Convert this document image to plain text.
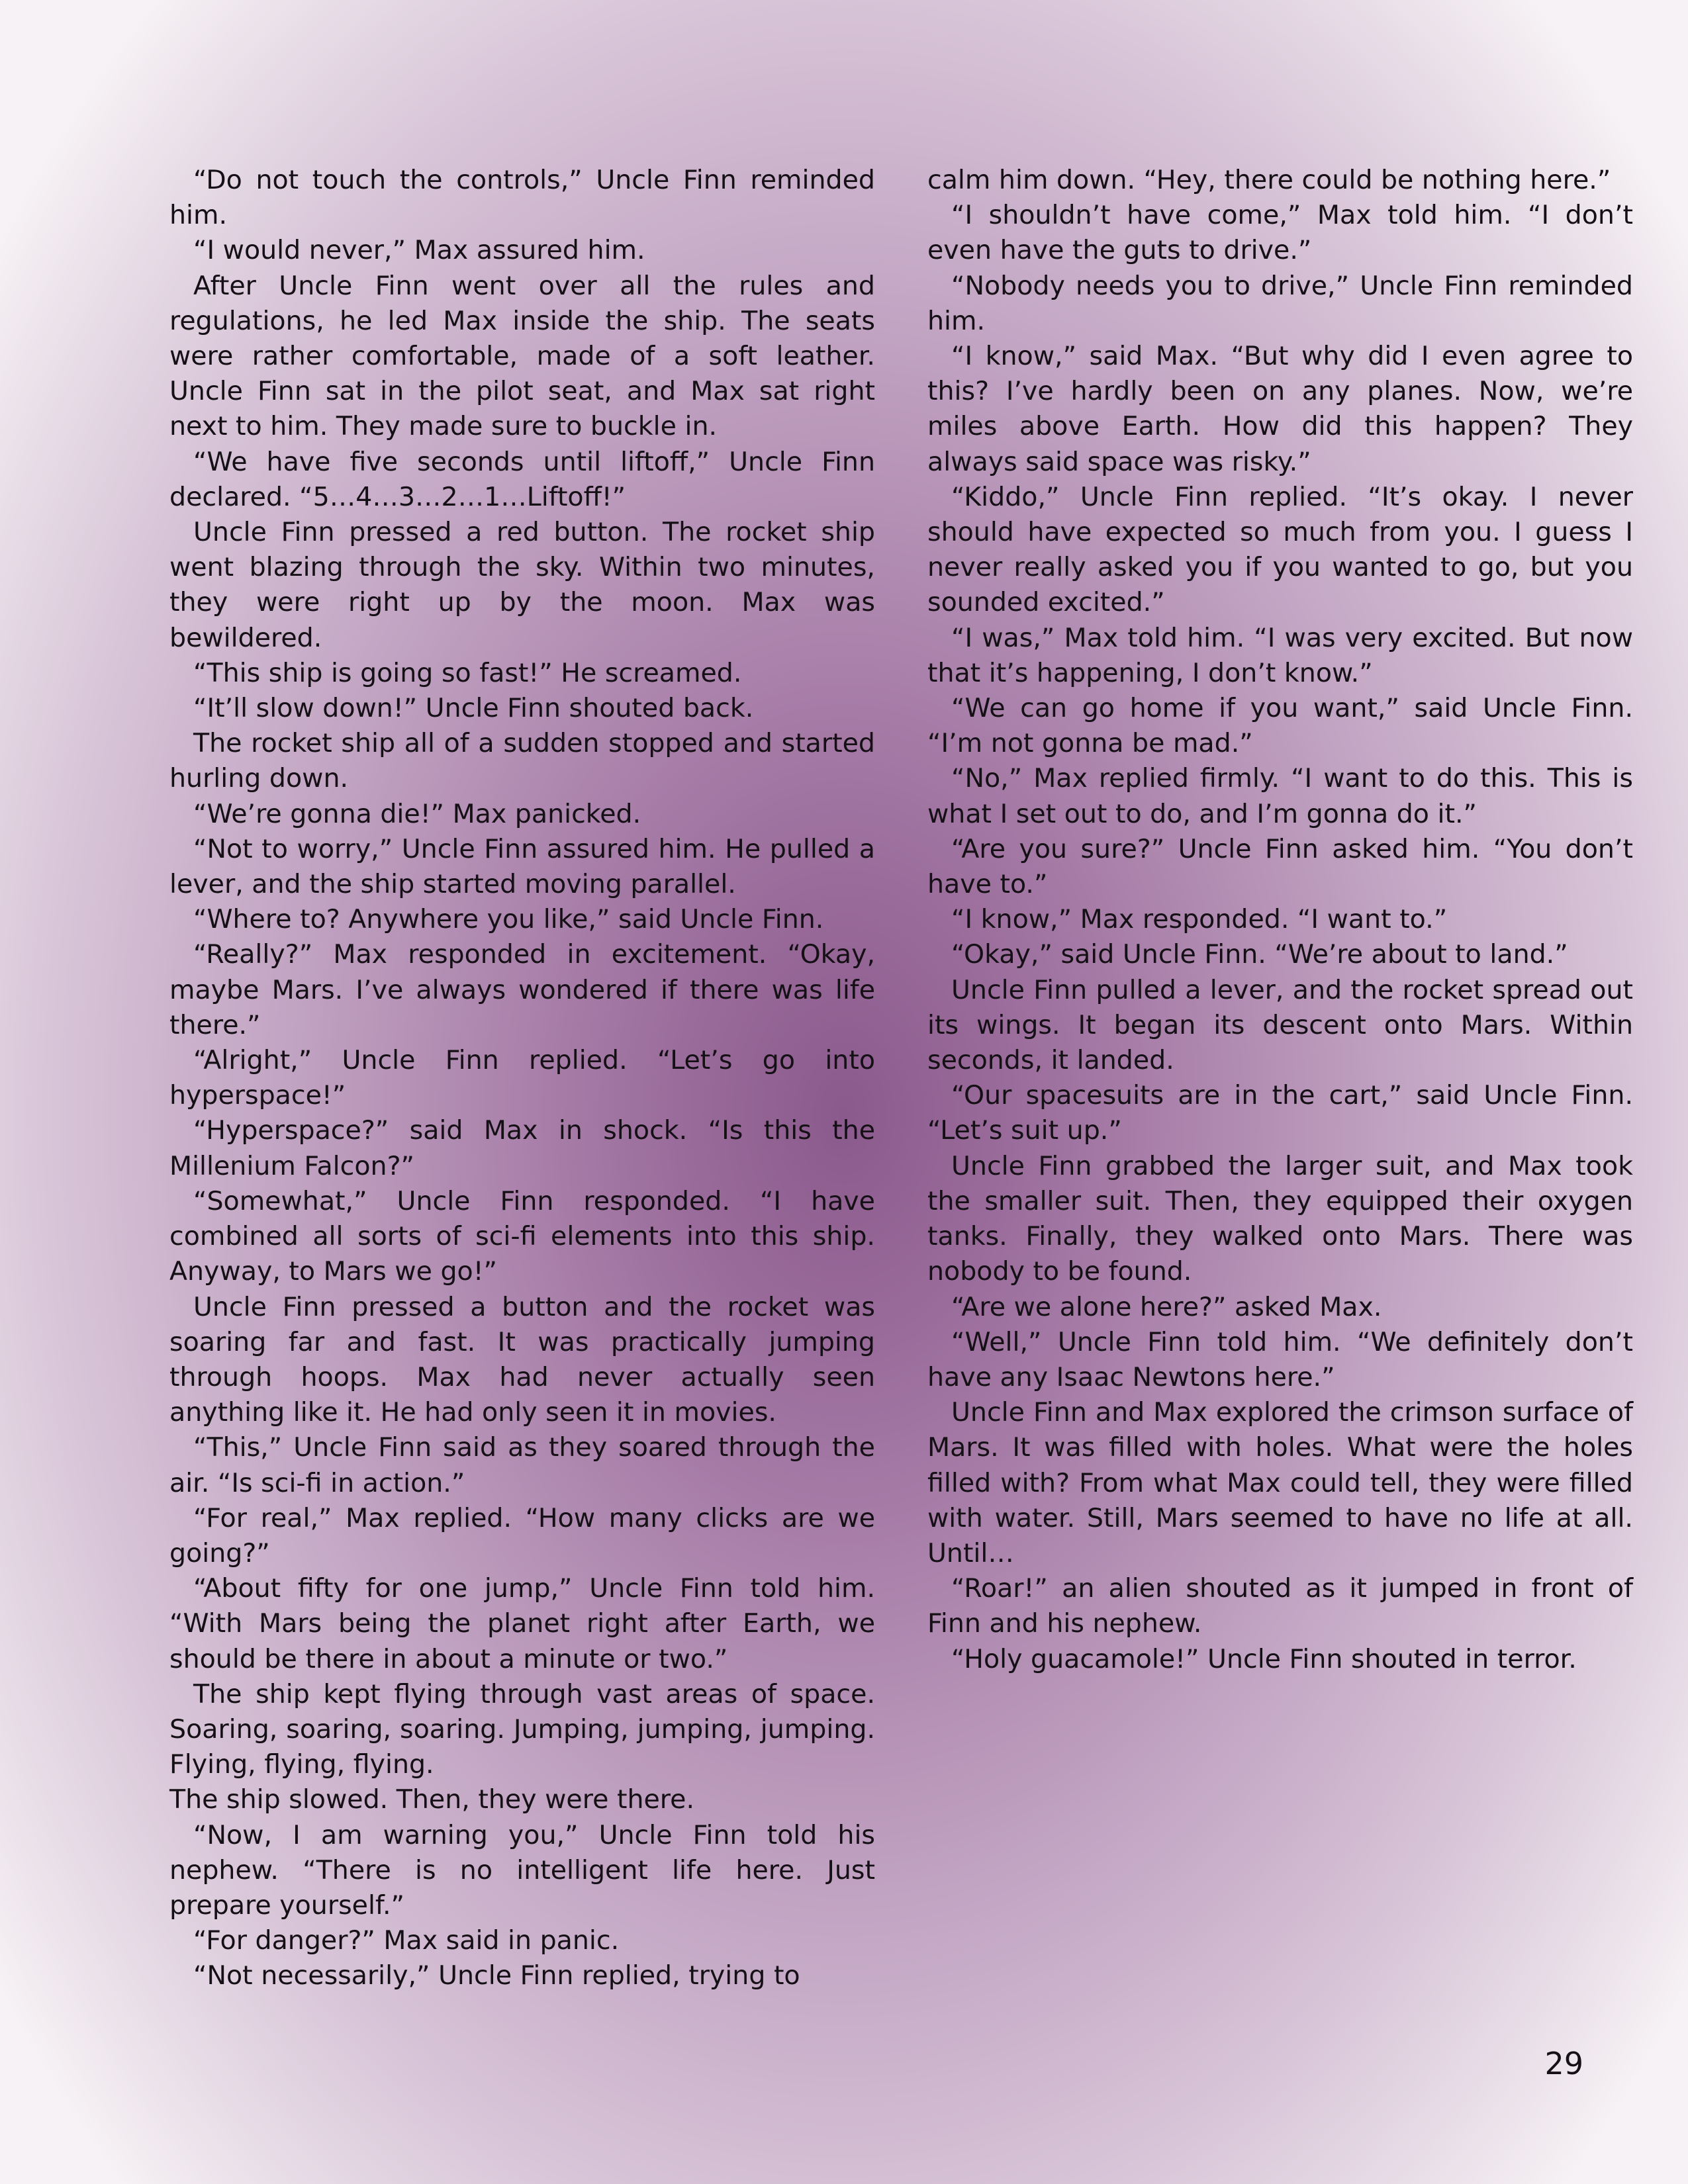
“Do not touch the controls,” Uncle Finn reminded him.

“I would never,” Max assured him.

After Uncle Finn went over all the rules and regulations, he led Max inside the ship. The seats were rather comfortable, made of a soft leather. Uncle Finn sat in the pilot seat, and Max sat right next to him. They made sure to buckle in.

“We have five seconds until liftoff,” Uncle Finn declared. “5…4…3…2…1…Liftoff!”

Uncle Finn pressed a red button. The rocket ship went blazing through the sky. Within two minutes, they were right up by the moon. Max was bewildered.

“This ship is going so fast!” He screamed.

“It’ll slow down!” Uncle Finn shouted back.

The rocket ship all of a sudden stopped and started hurling down.

“We’re gonna die!” Max panicked.

“Not to worry,” Uncle Finn assured him. He pulled a lever, and the ship started moving parallel.

“Where to? Anywhere you like,” said Uncle Finn.

“Really?” Max responded in excitement. “Okay, maybe Mars. I’ve always wondered if there was life there.”

“Alright,” Uncle Finn replied. “Let’s go into hyperspace!”

“Hyperspace?” said Max in shock. “Is this the Millenium Falcon?”

“Somewhat,” Uncle Finn responded. “I have combined all sorts of sci-fi elements into this ship. Anyway, to Mars we go!”

Uncle Finn pressed a button and the rocket was soaring far and fast. It was practically jumping through hoops. Max had never actually seen anything like it. He had only seen it in movies.

“This,” Uncle Finn said as they soared through the air. “Is sci-fi in action.”

“For real,” Max replied. “How many clicks are we going?”

“About fifty for one jump,” Uncle Finn told him. “With Mars being the planet right after Earth, we should be there in about a minute or two.”

The ship kept flying through vast areas of space. Soaring, soaring, soaring. Jumping, jumping, jumping. Flying, flying, flying.

The ship slowed. Then, they were there.

“Now, I am warning you,” Uncle Finn told his nephew. “There is no intelligent life here. Just prepare yourself.”

“For danger?” Max said in panic.

“Not necessarily,” Uncle Finn replied, trying to

calm him down. “Hey, there could be nothing here.”

“I shouldn’t have come,” Max told him. “I don’t even have the guts to drive.”

“Nobody needs you to drive,” Uncle Finn reminded him.

“I know,” said Max. “But why did I even agree to this? I’ve hardly been on any planes. Now, we’re miles above Earth. How did this happen? They always said space was risky.”

“Kiddo,” Uncle Finn replied. “It’s okay. I never should have expected so much from you. I guess I never really asked you if you wanted to go, but you sounded excited.”

“I was,” Max told him. “I was very excited. But now that it’s happening, I don’t know.”

“We can go home if you want,” said Uncle Finn. “I’m not gonna be mad.”

“No,” Max replied firmly. “I want to do this. This is what I set out to do, and I’m gonna do it.”

“Are you sure?” Uncle Finn asked him. “You don’t have to.”

“I know,” Max responded. “I want to.”

“Okay,” said Uncle Finn. “We’re about to land.”

Uncle Finn pulled a lever, and the rocket spread out its wings. It began its descent onto Mars. Within seconds, it landed.

“Our spacesuits are in the cart,” said Uncle Finn. “Let’s suit up.”

Uncle Finn grabbed the larger suit, and Max took the smaller suit. Then, they equipped their oxygen tanks. Finally, they walked onto Mars. There was nobody to be found.

“Are we alone here?” asked Max.

“Well,” Uncle Finn told him. “We definitely don’t have any Isaac Newtons here.”

Uncle Finn and Max explored the crimson surface of Mars. It was filled with holes. What were the holes filled with? From what Max could tell, they were filled with water. Still, Mars seemed to have no life at all. Until…

“Roar!” an alien shouted as it jumped in front of Finn and his nephew.

“Holy guacamole!” Uncle Finn shouted in terror.

29
